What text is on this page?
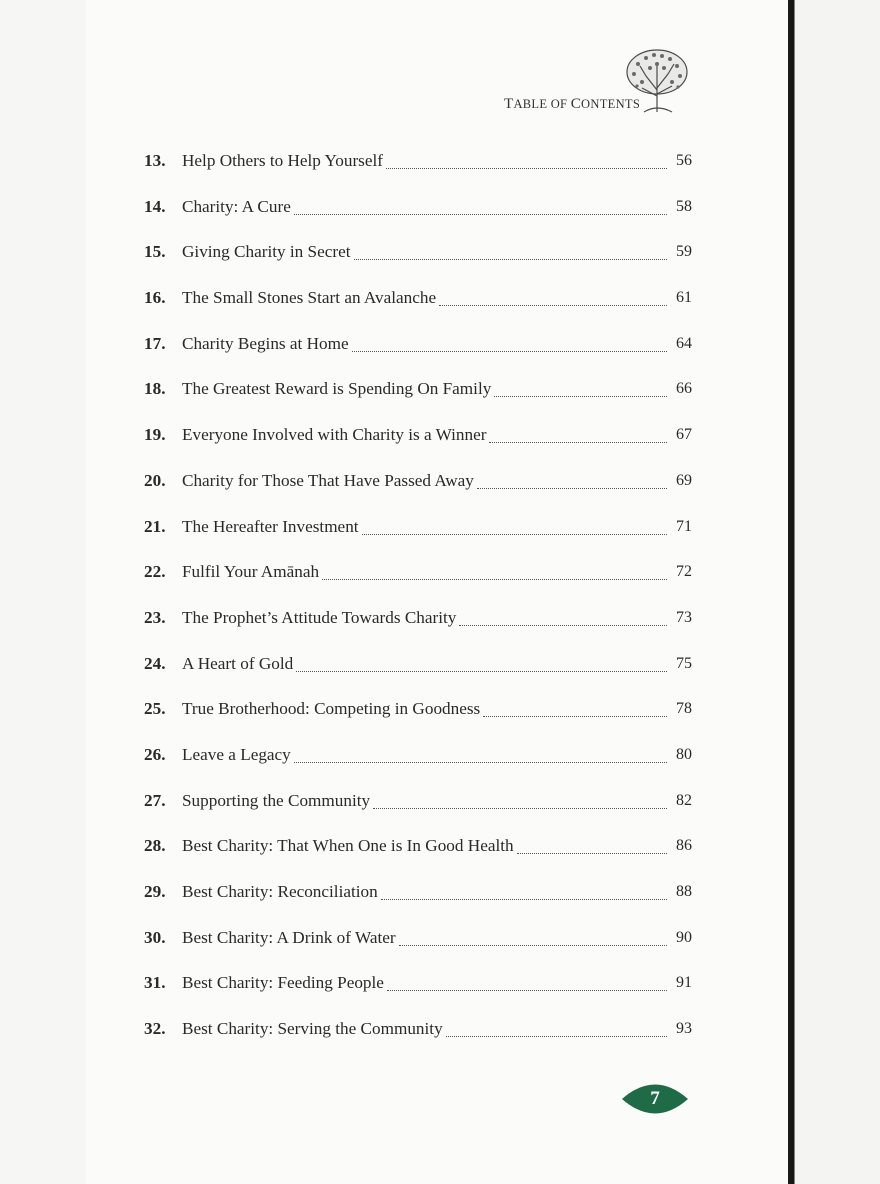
TABLE OF CONTENTS
13. Help Others to Help Yourself	56
14. Charity: A Cure	58
15. Giving Charity in Secret	59
16. The Small Stones Start an Avalanche	61
17. Charity Begins at Home	64
18. The Greatest Reward is Spending On Family	66
19. Everyone Involved with Charity is a Winner	67
20. Charity for Those That Have Passed Away	69
21. The Hereafter Investment	71
22. Fulfil Your Amānah	72
23. The Prophet’s Attitude Towards Charity	73
24. A Heart of Gold	75
25. True Brotherhood: Competing in Goodness	78
26. Leave a Legacy	80
27. Supporting the Community	82
28. Best Charity: That When One is In Good Health	86
29. Best Charity: Reconciliation	88
30. Best Charity: A Drink of Water	90
31. Best Charity: Feeding People	91
32. Best Charity: Serving the Community	93
7
